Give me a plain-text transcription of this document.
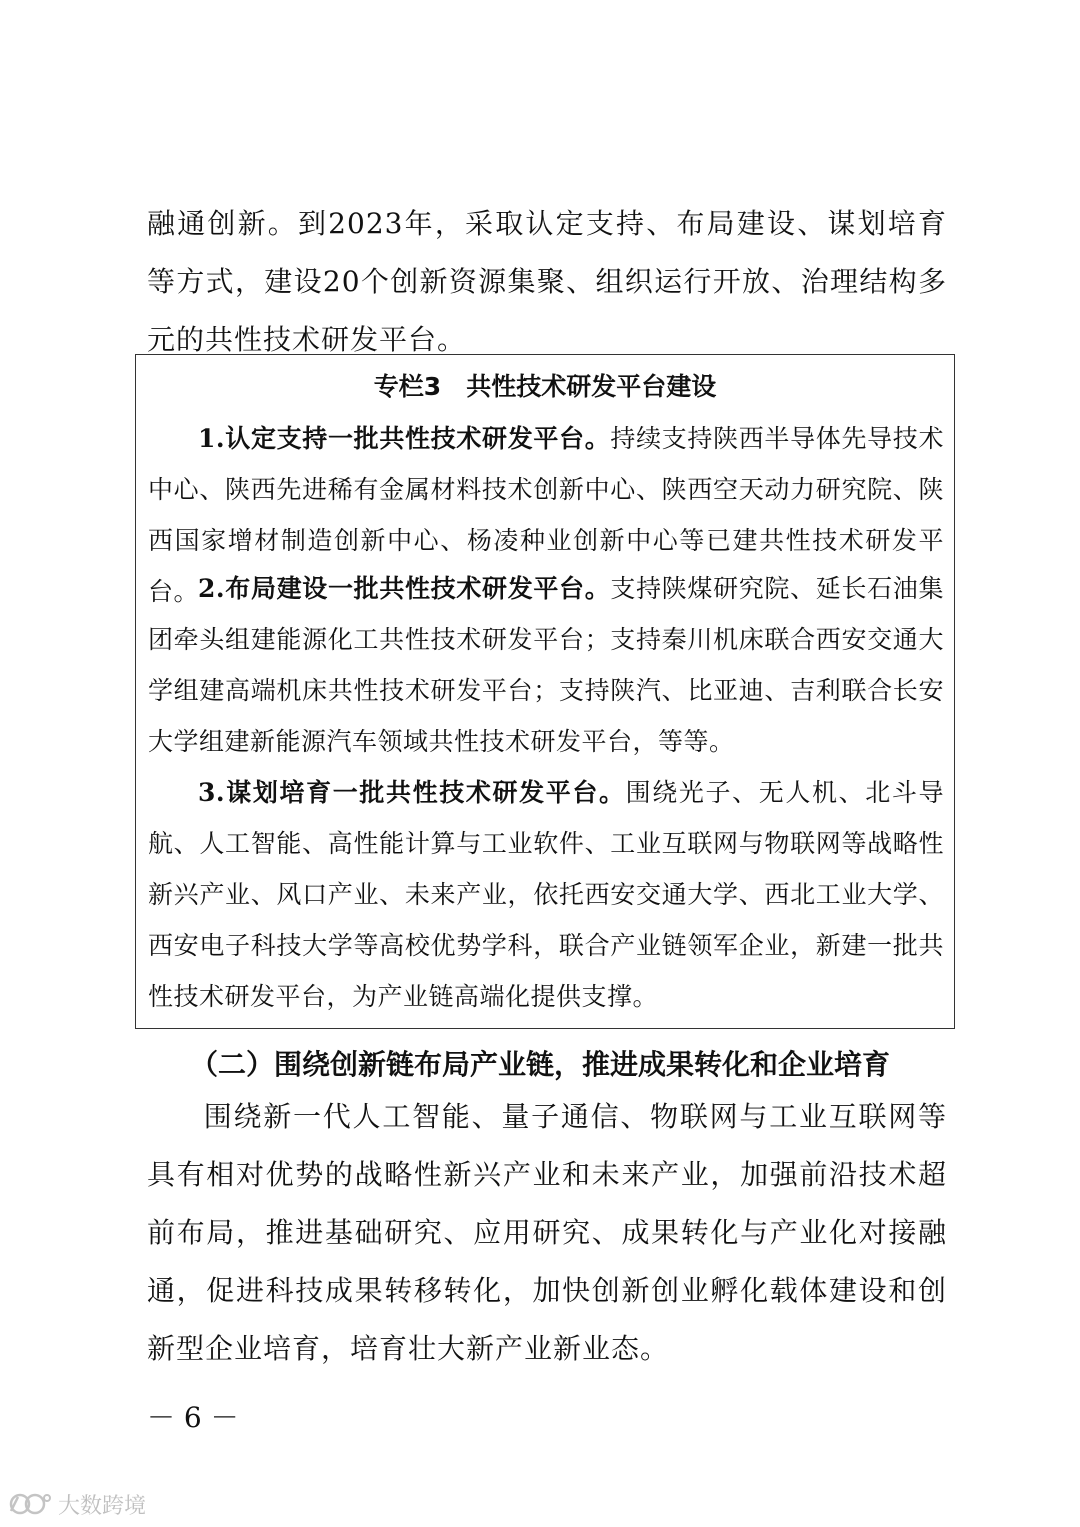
融通创新。到2023年，采取认定支持、布局建设、谋划培育等方式，建设20个创新资源集聚、组织运行开放、治理结构多元的共性技术研发平台。
专栏3　共性技术研发平台建设
1.认定支持一批共性技术研发平台。持续支持陕西半导体先导技术中心、陕西先进稀有金属材料技术创新中心、陕西空天动力研究院、陕西国家增材制造创新中心、杨凌种业创新中心等已建共性技术研发平台。
2.布局建设一批共性技术研发平台。支持陕煤研究院、延长石油集团牵头组建能源化工共性技术研发平台；支持秦川机床联合西安交通大学组建高端机床共性技术研发平台；支持陕汽、比亚迪、吉利联合长安大学组建新能源汽车领域共性技术研发平台，等等。
3.谋划培育一批共性技术研发平台。围绕光子、无人机、北斗导航、人工智能、高性能计算与工业软件、工业互联网与物联网等战略性新兴产业、风口产业、未来产业，依托西安交通大学、西北工业大学、西安电子科技大学等高校优势学科，联合产业链领军企业，新建一批共性技术研发平台，为产业链高端化提供支撑。
（二）围绕创新链布局产业链，推进成果转化和企业培育
围绕新一代人工智能、量子通信、物联网与工业互联网等具有相对优势的战略性新兴产业和未来产业，加强前沿技术超前布局，推进基础研究、应用研究、成果转化与产业化对接融通，促进科技成果转移转化，加快创新创业孵化载体建设和创新型企业培育，培育壮大新产业新业态。
－ 6 －
大数跨境
